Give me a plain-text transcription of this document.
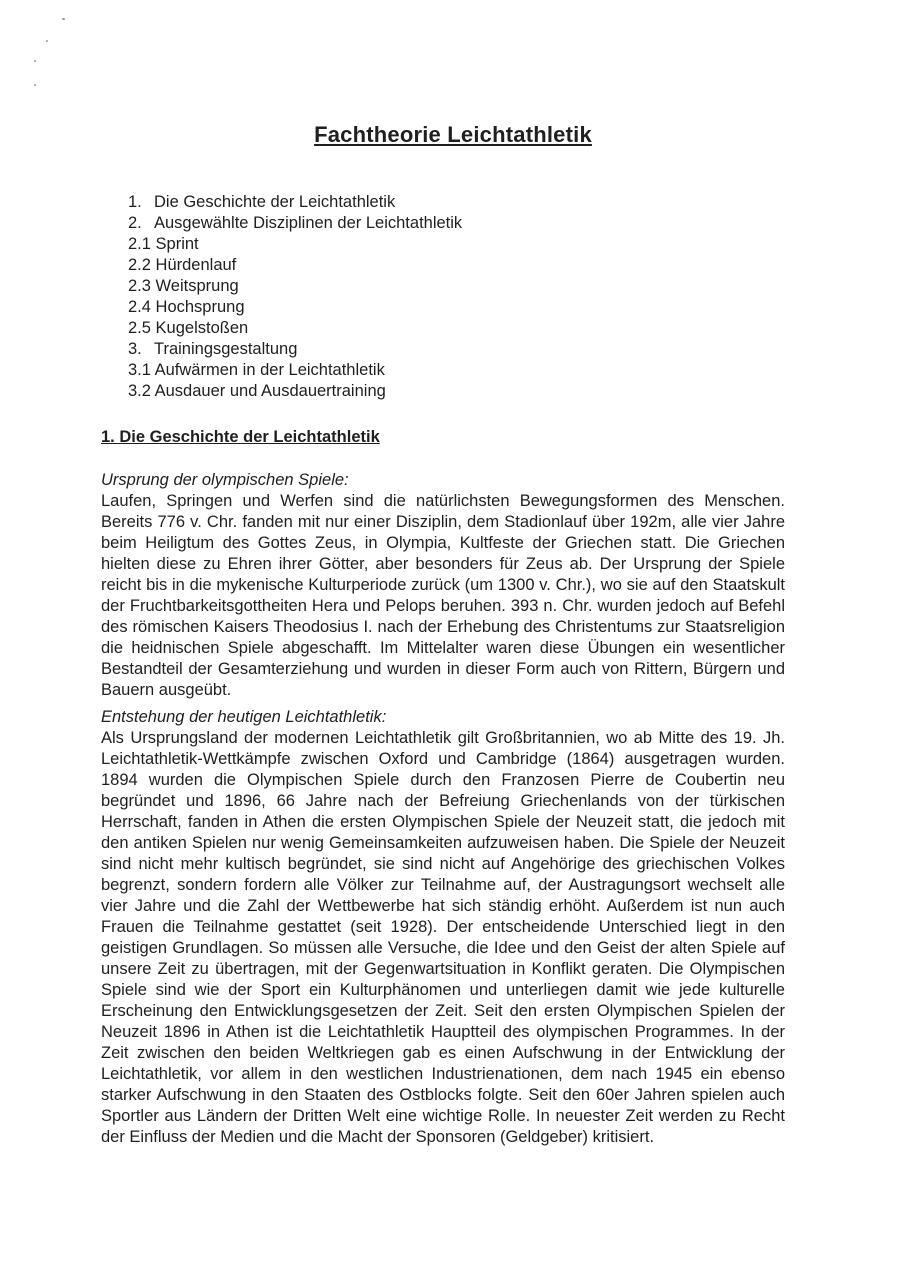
Fachtheorie Leichtathletik
1. Die Geschichte der Leichtathletik
2. Ausgewählte Disziplinen der Leichtathletik
2.1 Sprint
2.2 Hürdenlauf
2.3 Weitsprung
2.4 Hochsprung
2.5 Kugelstoßen
3. Trainingsgestaltung
3.1 Aufwärmen in der Leichtathletik
3.2 Ausdauer und Ausdauertraining
1. Die Geschichte der Leichtathletik
Ursprung der olympischen Spiele:

Laufen, Springen und Werfen sind die natürlichsten Bewegungsformen des Menschen. Bereits 776 v. Chr. fanden mit nur einer Disziplin, dem Stadionlauf über 192m, alle vier Jahre beim Heiligtum des Gottes Zeus, in Olympia, Kultfeste der Griechen statt. Die Griechen hielten diese zu Ehren ihrer Götter, aber besonders für Zeus ab. Der Ursprung der Spiele reicht bis in die mykenische Kulturperiode zurück (um 1300 v. Chr.), wo sie auf den Staatskult der Fruchtbarkeitsgottheiten Hera und Pelops beruhen. 393 n. Chr. wurden jedoch auf Befehl des römischen Kaisers Theodosius I. nach der Erhebung des Christentums zur Staatsreligion die heidnischen Spiele abgeschafft. Im Mittelalter waren diese Übungen ein wesentlicher Bestandteil der Gesamterziehung und wurden in dieser Form auch von Rittern, Bürgern und Bauern ausgeübt.

Entstehung der heutigen Leichtathletik:

Als Ursprungsland der modernen Leichtathletik gilt Großbritannien, wo ab Mitte des 19. Jh. Leichtathletik-Wettkämpfe zwischen Oxford und Cambridge (1864) ausgetragen wurden. 1894 wurden die Olympischen Spiele durch den Franzosen Pierre de Coubertin neu begründet und 1896, 66 Jahre nach der Befreiung Griechenlands von der türkischen Herrschaft, fanden in Athen die ersten Olympischen Spiele der Neuzeit statt, die jedoch mit den antiken Spielen nur wenig Gemeinsamkeiten aufzuweisen haben. Die Spiele der Neuzeit sind nicht mehr kultisch begründet, sie sind nicht auf Angehörige des griechischen Volkes begrenzt, sondern fordern alle Völker zur Teilnahme auf, der Austragungsort wechselt alle vier Jahre und die Zahl der Wettbewerbe hat sich ständig erhöht. Außerdem ist nun auch Frauen die Teilnahme gestattet (seit 1928). Der entscheidende Unterschied liegt in den geistigen Grundlagen. So müssen alle Versuche, die Idee und den Geist der alten Spiele auf unsere Zeit zu übertragen, mit der Gegenwartsituation in Konflikt geraten. Die Olympischen Spiele sind wie der Sport ein Kulturphänomen und unterliegen damit wie jede kulturelle Erscheinung den Entwicklungsgesetzen der Zeit. Seit den ersten Olympischen Spielen der Neuzeit 1896 in Athen ist die Leichtathletik Hauptteil des olympischen Programmes. In der Zeit zwischen den beiden Weltkriegen gab es einen Aufschwung in der Entwicklung der Leichtathletik, vor allem in den westlichen Industrienationen, dem nach 1945 ein ebenso starker Aufschwung in den Staaten des Ostblocks folgte. Seit den 60er Jahren spielen auch Sportler aus Ländern der Dritten Welt eine wichtige Rolle. In neuester Zeit werden zu Recht der Einfluss der Medien und die Macht der Sponsoren (Geldgeber) kritisiert.
